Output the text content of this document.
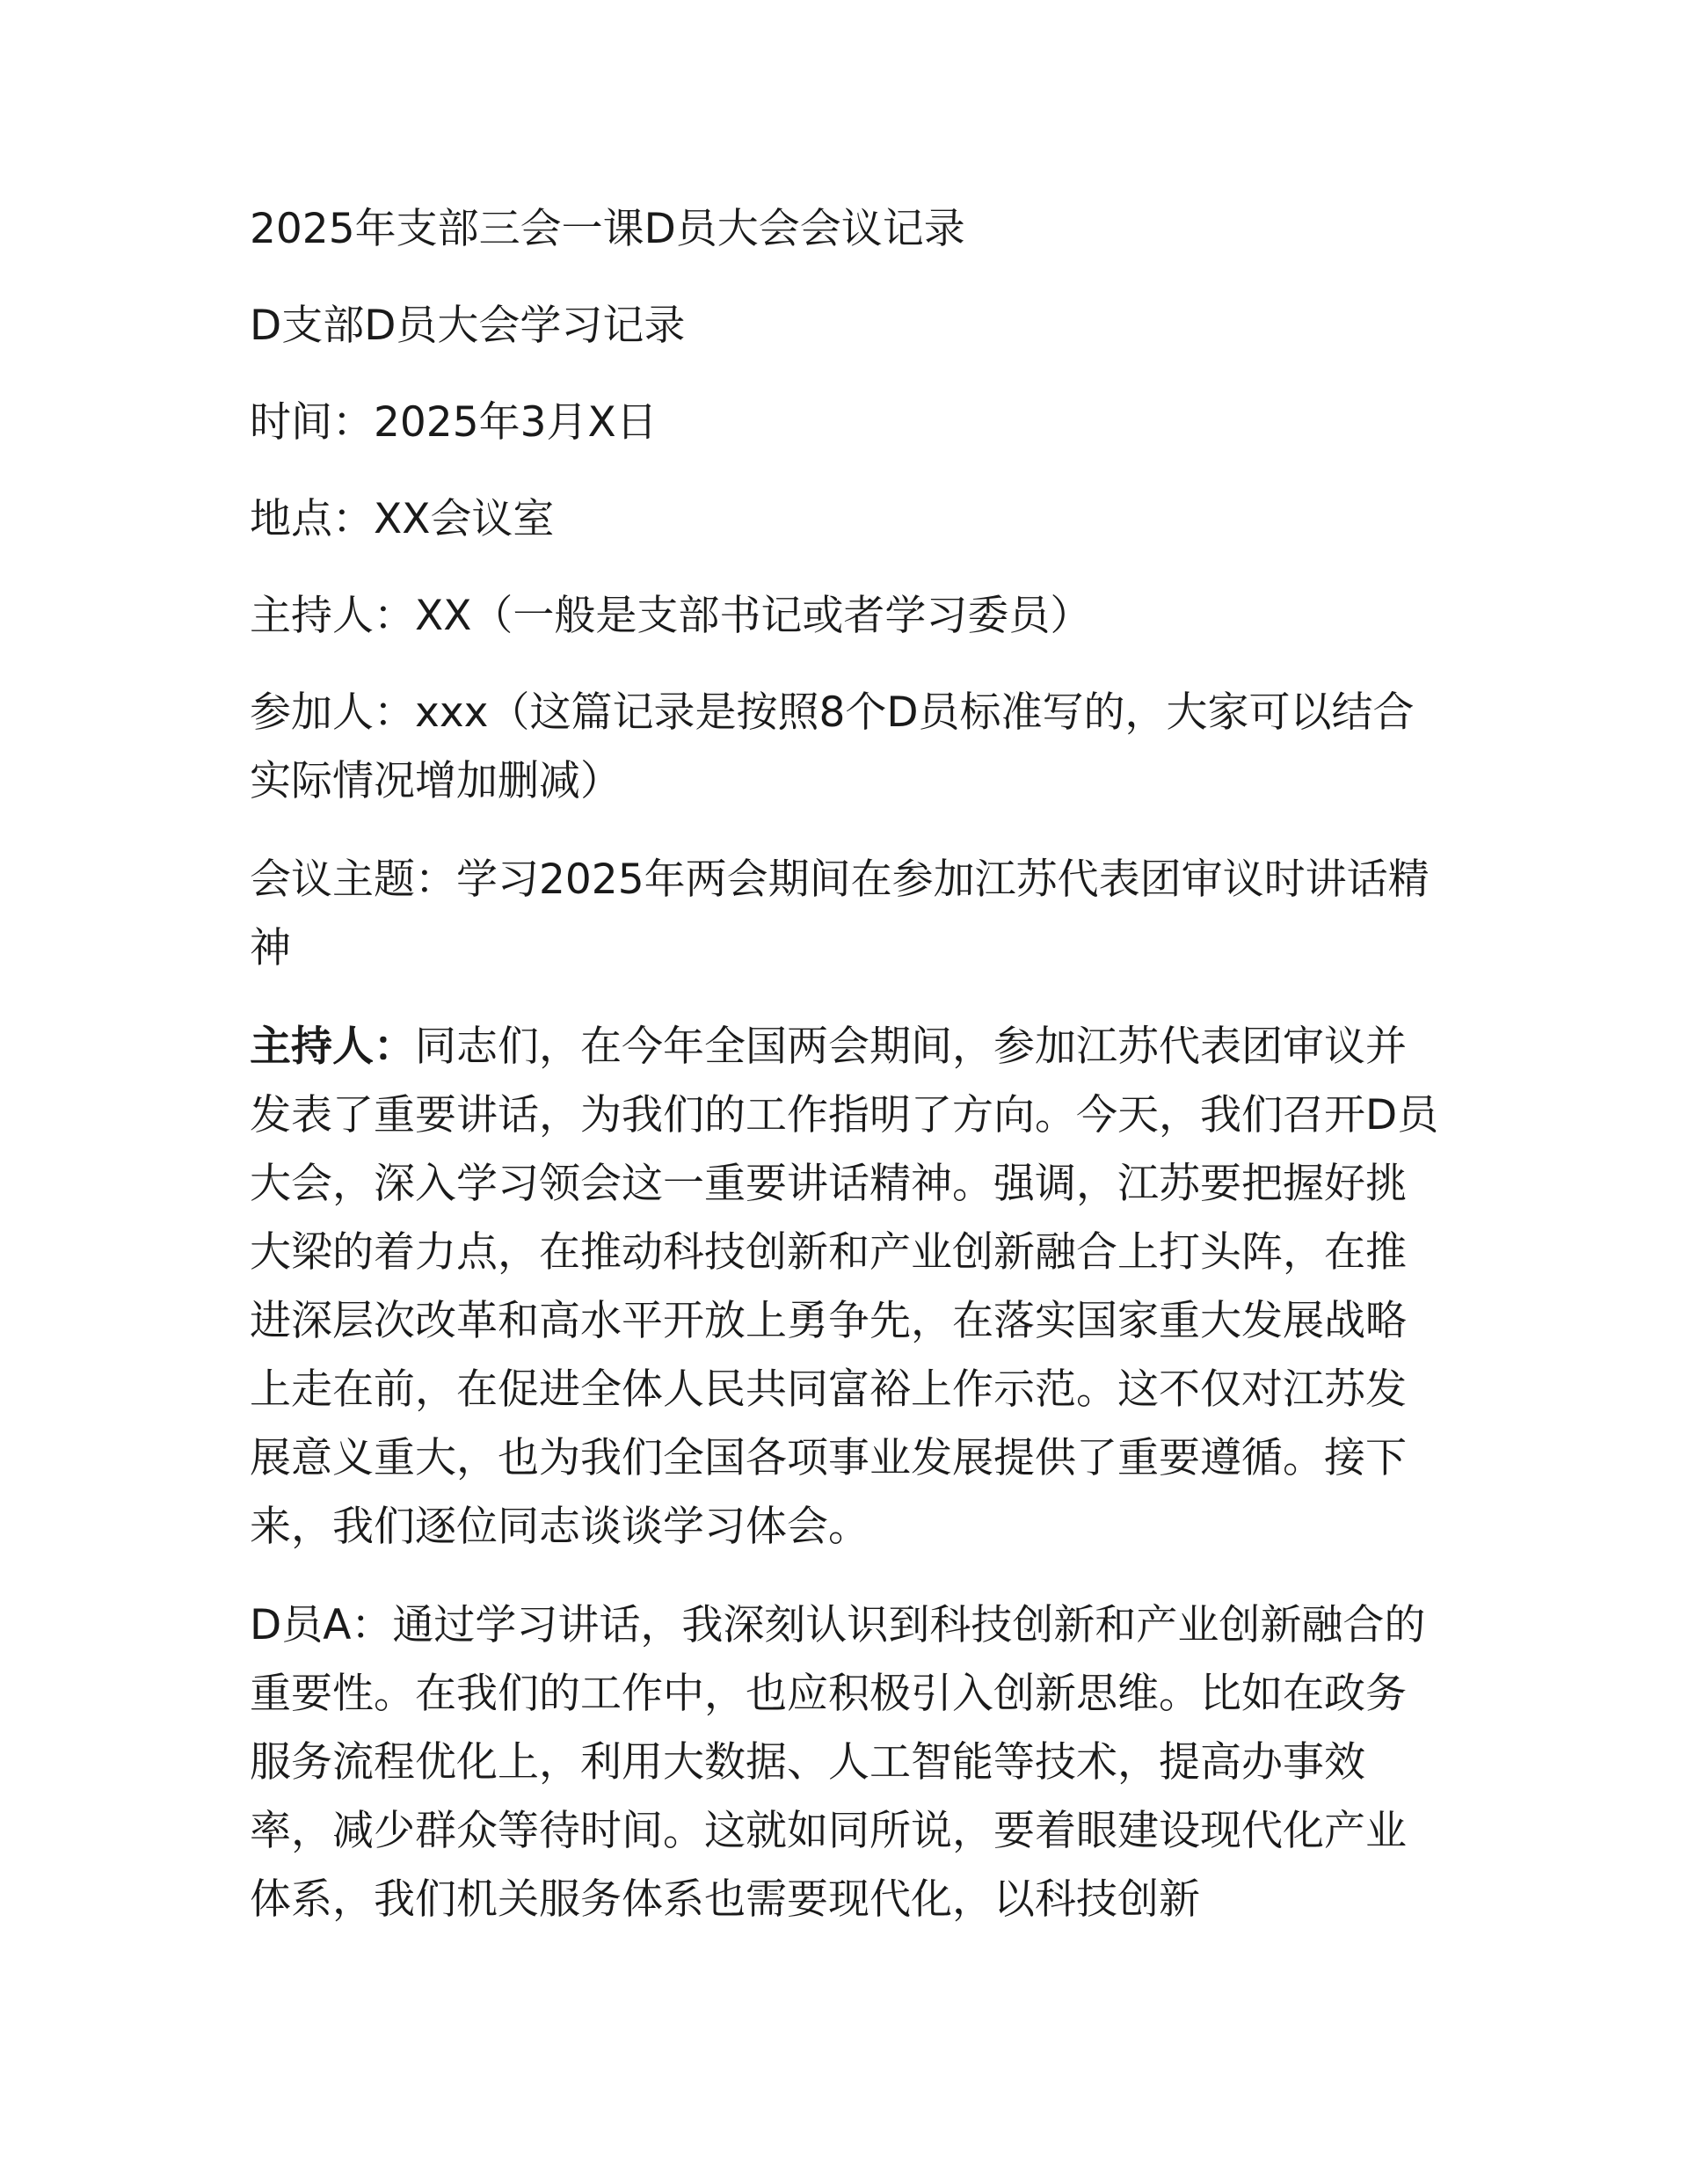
2025年支部三会一课D员大会会议记录

D支部D员大会学习记录

时间：2025年3月X日

地点：XX会议室

主持人：XX（一般是支部书记或者学习委员）

参加人：xxx（这篇记录是按照8个D员标准写的，大家可以结合实际情况增加删减）

会议主题：学习2025年两会期间在参加江苏代表团审议时讲话精神

主持人：同志们，在今年全国两会期间，参加江苏代表团审议并发表了重要讲话，为我们的工作指明了方向。今天，我们召开D员大会，深入学习领会这一重要讲话精神。强调，江苏要把握好挑大梁的着力点，在推动科技创新和产业创新融合上打头阵，在推进深层次改革和高水平开放上勇争先，在落实国家重大发展战略上走在前，在促进全体人民共同富裕上作示范。这不仅对江苏发展意义重大，也为我们全国各项事业发展提供了重要遵循。接下来，我们逐位同志谈谈学习体会。

D员A：通过学习讲话，我深刻认识到科技创新和产业创新融合的重要性。在我们的工作中，也应积极引入创新思维。比如在政务服务流程优化上，利用大数据、人工智能等技术，提高办事效率，减少群众等待时间。这就如同所说，要着眼建设现代化产业体系，我们机关服务体系也需要现代化，以科技创新
